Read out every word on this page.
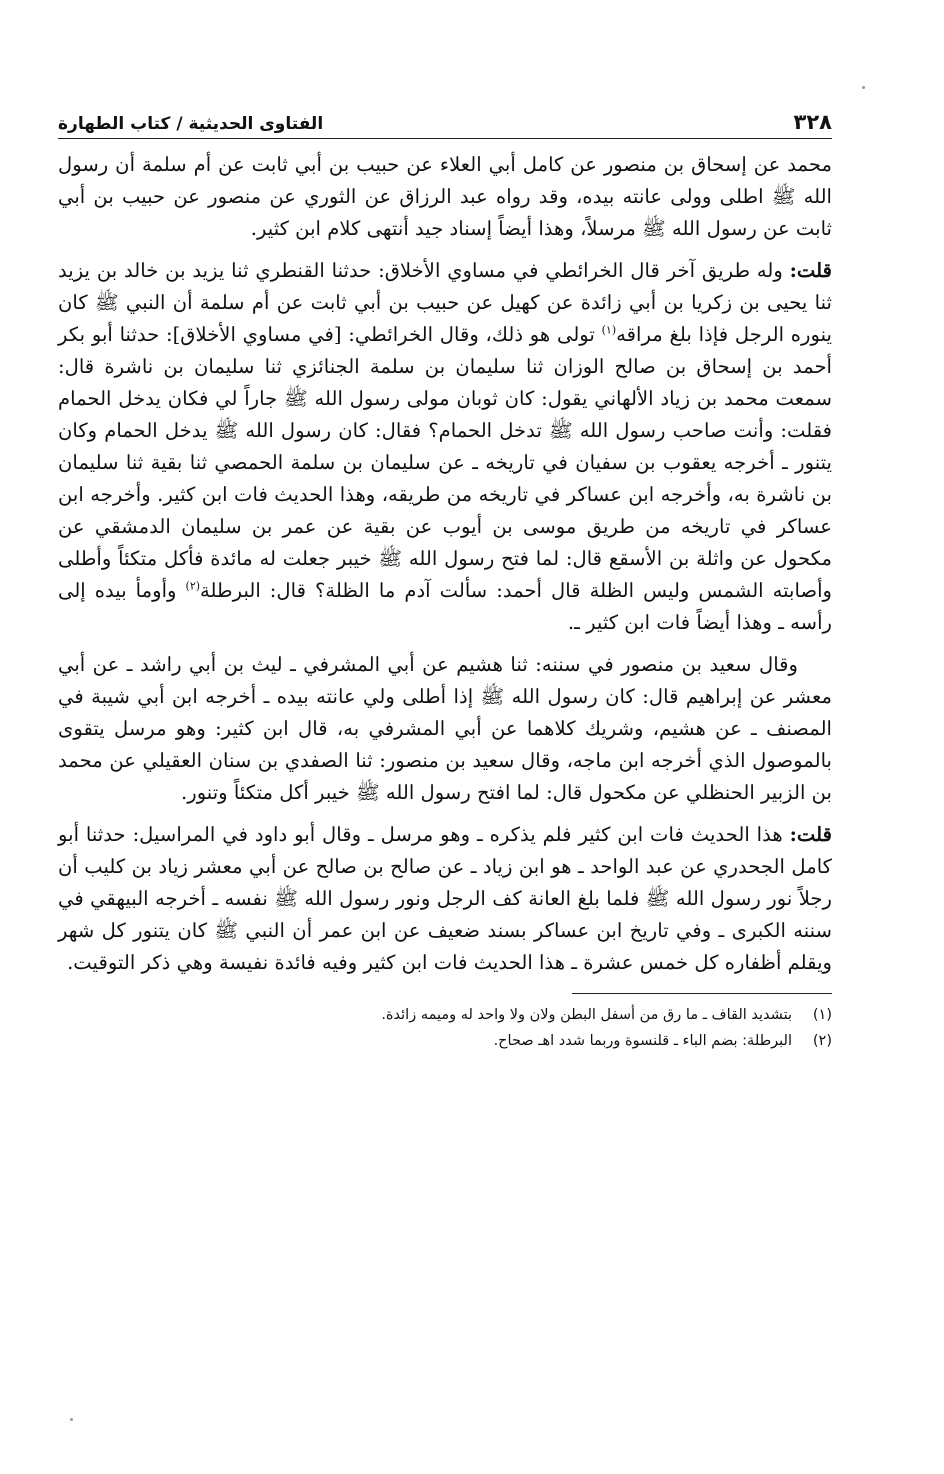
٣٢٨
الفتاوى الحديثية / كتاب الطهارة

محمد عن إسحاق بن منصور عن كامل أبي العلاء عن حبيب بن أبي ثابت عن أم سلمة أن رسول الله ﷺ اطلى وولى عانته بيده، وقد رواه عبد الرزاق عن الثوري عن منصور عن حبيب بن أبي ثابت عن رسول الله ﷺ مرسلاً، وهذا أيضاً إسناد جيد أنتهى كلام ابن كثير.

قلت: وله طريق آخر قال الخرائطي في مساوي الأخلاق: حدثنا القنطري ثنا يزيد بن خالد بن يزيد ثنا يحيى بن زكريا بن أبي زائدة عن كهيل عن حبيب بن أبي ثابت عن أم سلمة أن النبي ﷺ كان ينوره الرجل فإذا بلغ مراقه$^{(١)}$ تولى هو ذلك، وقال الخرائطي: [في مساوي الأخلاق]: حدثنا أبو بكر أحمد بن إسحاق بن صالح الوزان ثنا سليمان بن سلمة الجنائزي ثنا سليمان بن ناشرة قال: سمعت محمد بن زياد الألهاني يقول: كان ثوبان مولى رسول الله ﷺ جاراً لي فكان يدخل الحمام فقلت: وأنت صاحب رسول الله ﷺ تدخل الحمام؟ فقال: كان رسول الله ﷺ يدخل الحمام وكان يتنور ـ أخرجه يعقوب بن سفيان في تاريخه ـ عن سليمان بن سلمة الحمصي ثنا بقية ثنا سليمان بن ناشرة به، وأخرجه ابن عساكر في تاريخه من طريقه، وهذا الحديث فات ابن كثير. وأخرجه ابن عساكر في تاريخه من طريق موسى بن أيوب عن بقية عن عمر بن سليمان الدمشقي عن مكحول عن واثلة بن الأسقع قال: لما فتح رسول الله ﷺ خيبر جعلت له مائدة فأكل متكئاً وأطلى وأصابته الشمس وليس الظلة قال أحمد: سألت آدم ما الظلة؟ قال: البرطلة$^{(٢)}$ وأومأ بيده إلى رأسه ـ وهذا أيضاً فات ابن كثير ـ.

وقال سعيد بن منصور في سننه: ثنا هشيم عن أبي المشرفي ـ ليث بن أبي راشد ـ عن أبي معشر عن إبراهيم قال: كان رسول الله ﷺ إذا أطلى ولي عانته بيده ـ أخرجه ابن أبي شيبة في المصنف ـ عن هشيم، وشريك كلاهما عن أبي المشرفي به، قال ابن كثير: وهو مرسل يتقوى بالموصول الذي أخرجه ابن ماجه، وقال سعيد بن منصور: ثنا الصفدي بن سنان العقيلي عن محمد بن الزبير الحنظلي عن مكحول قال: لما افتح رسول الله ﷺ خيبر أكل متكئاً وتنور.

قلت: هذا الحديث فات ابن كثير فلم يذكره ـ وهو مرسل ـ وقال أبو داود في المراسيل: حدثنا أبو كامل الجحدري عن عبد الواحد ـ هو ابن زياد ـ عن صالح بن صالح عن أبي معشر زياد بن كليب أن رجلاً نور رسول الله ﷺ فلما بلغ العانة كف الرجل ونور رسول الله ﷺ نفسه ـ أخرجه البيهقي في سننه الكبرى ـ وفي تاريخ ابن عساكر بسند ضعيف عن ابن عمر أن النبي ﷺ كان يتنور كل شهر ويقلم أظفاره كل خمس عشرة ـ هذا الحديث فات ابن كثير وفيه فائدة نفيسة وهي ذكر التوقيت.

(١)
بتشديد القاف ـ ما رق من أسفل البطن ولان ولا واحد له وميمه زائدة.
(٢)
البرطلة: بضم الباء ـ قلنسوة وربما شدد اهـ صحاح.
